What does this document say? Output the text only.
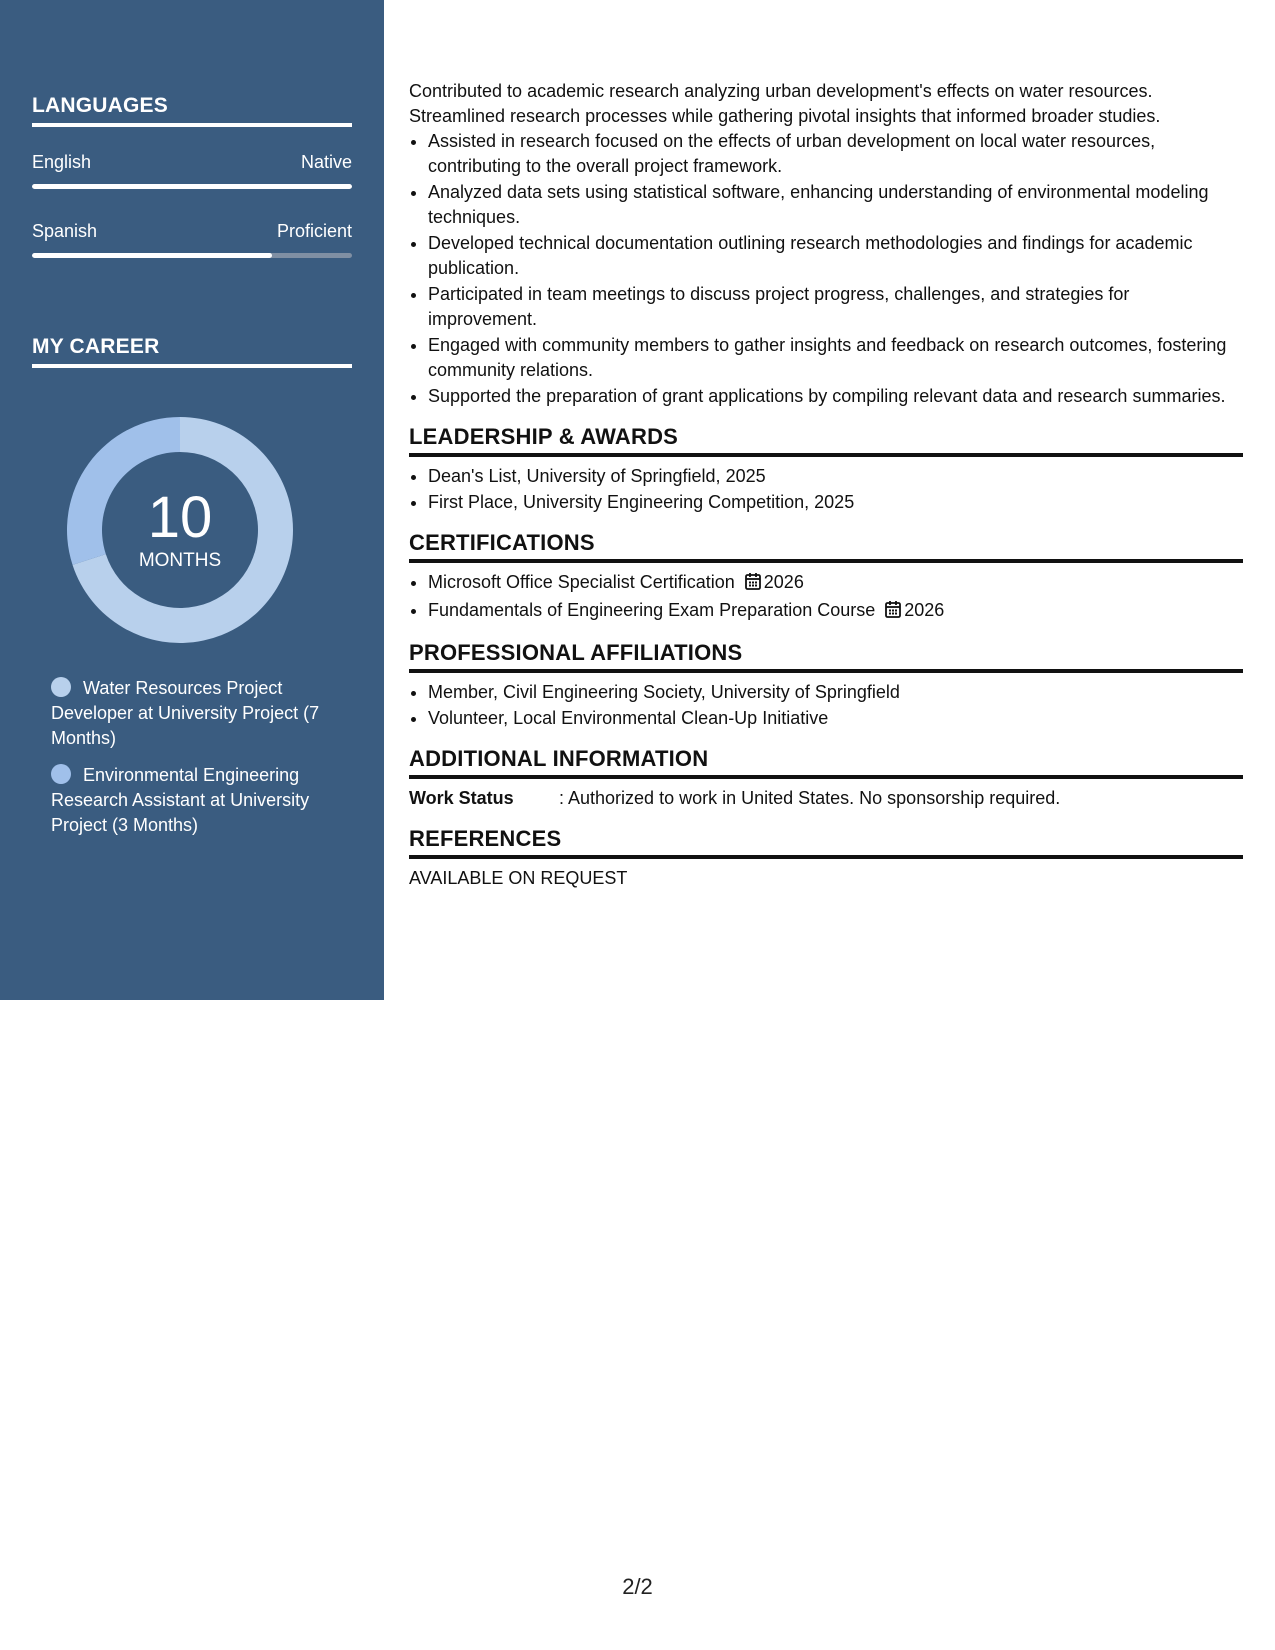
LANGUAGES
English	Native
Spanish	Proficient
MY CAREER
10
MONTHS
Water Resources Project Developer at University Project (7 Months)
Environmental Engineering Research Assistant at University Project (3 Months)

Contributed to academic research analyzing urban development's effects on water resources. Streamlined research processes while gathering pivotal insights that informed broader studies.

• Assisted in research focused on the effects of urban development on local water resources, contributing to the overall project framework.
• Analyzed data sets using statistical software, enhancing understanding of environmental modeling techniques.
• Developed technical documentation outlining research methodologies and findings for academic publication.
• Participated in team meetings to discuss project progress, challenges, and strategies for improvement.
• Engaged with community members to gather insights and feedback on research outcomes, fostering community relations.
• Supported the preparation of grant applications by compiling relevant data and research summaries.
LEADERSHIP & AWARDS
• Dean's List, University of Springfield, 2025
• First Place, University Engineering Competition, 2025
CERTIFICATIONS
• Microsoft Office Specialist Certification 2026
• Fundamentals of Engineering Exam Preparation Course 2026
PROFESSIONAL AFFILIATIONS
• Member, Civil Engineering Society, University of Springfield
• Volunteer, Local Environmental Clean-Up Initiative
ADDITIONAL INFORMATION
Work Status	: Authorized to work in United States. No sponsorship required.
REFERENCES
AVAILABLE ON REQUEST
2/2
